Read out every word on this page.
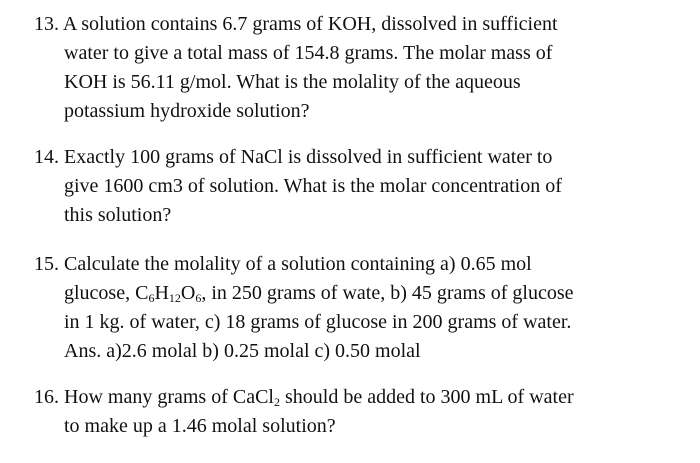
13. A solution contains 6.7 grams of KOH, dissolved in sufficient
water to give a total mass of 154.8 grams. The molar mass of
KOH is 56.11 g/mol. What is the molality of the aqueous
potassium hydroxide solution?
14. Exactly 100 grams of NaCl is dissolved in sufficient water to
give 1600 cm3 of solution. What is the molar concentration of
this solution?
15. Calculate the molality of a solution containing a) 0.65 mol
glucose, $C_6H_{12}O_6$, in 250 grams of wate, b) 45 grams of glucose
in 1 kg. of water, c) 18 grams of glucose in 200 grams of water.
Ans. a)2.6 molal b) 0.25 molal c) 0.50 molal
16. How many grams of CaCl$_2$ should be added to 300 mL of water
to make up a 1.46 molal solution?
